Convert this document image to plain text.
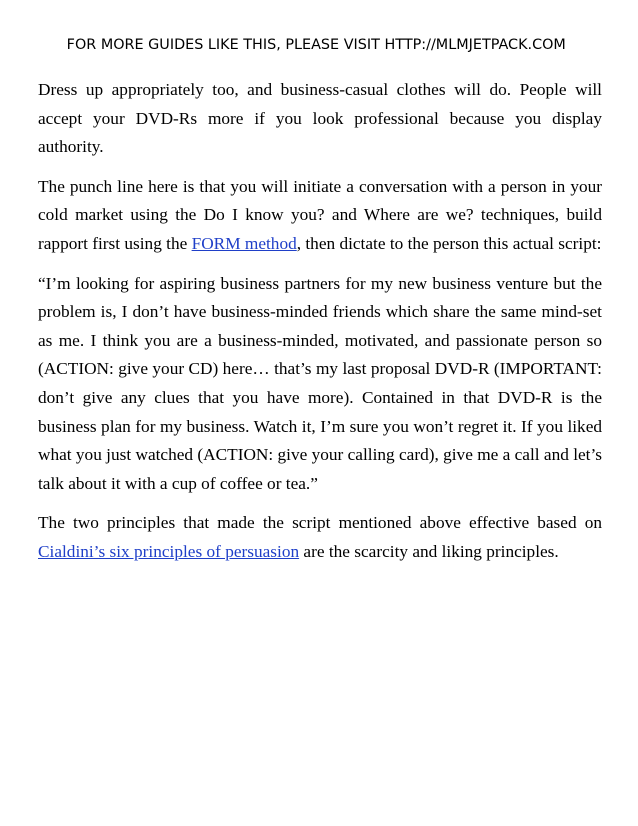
FOR MORE GUIDES LIKE THIS, PLEASE VISIT HTTP://MLMJETPACK.COM

Dress up appropriately too, and business-casual clothes will do. People will accept your DVD-Rs more if you look professional because you display authority.

The punch line here is that you will initiate a conversation with a person in your cold market using the Do I know you? and Where are we? techniques, build rapport first using the FORM method, then dictate to the person this actual script:

“I’m looking for aspiring business partners for my new business venture but the problem is, I don’t have business-minded friends which share the same mind-set as me. I think you are a business-minded, motivated, and passionate person so (ACTION: give your CD) here… that’s my last proposal DVD-R (IMPORTANT: don’t give any clues that you have more). Contained in that DVD-R is the business plan for my business. Watch it, I’m sure you won’t regret it. If you liked what you just watched (ACTION: give your calling card), give me a call and let’s talk about it with a cup of coffee or tea.”

The two principles that made the script mentioned above effective based on Cialdini’s six principles of persuasion are the scarcity and liking principles.
